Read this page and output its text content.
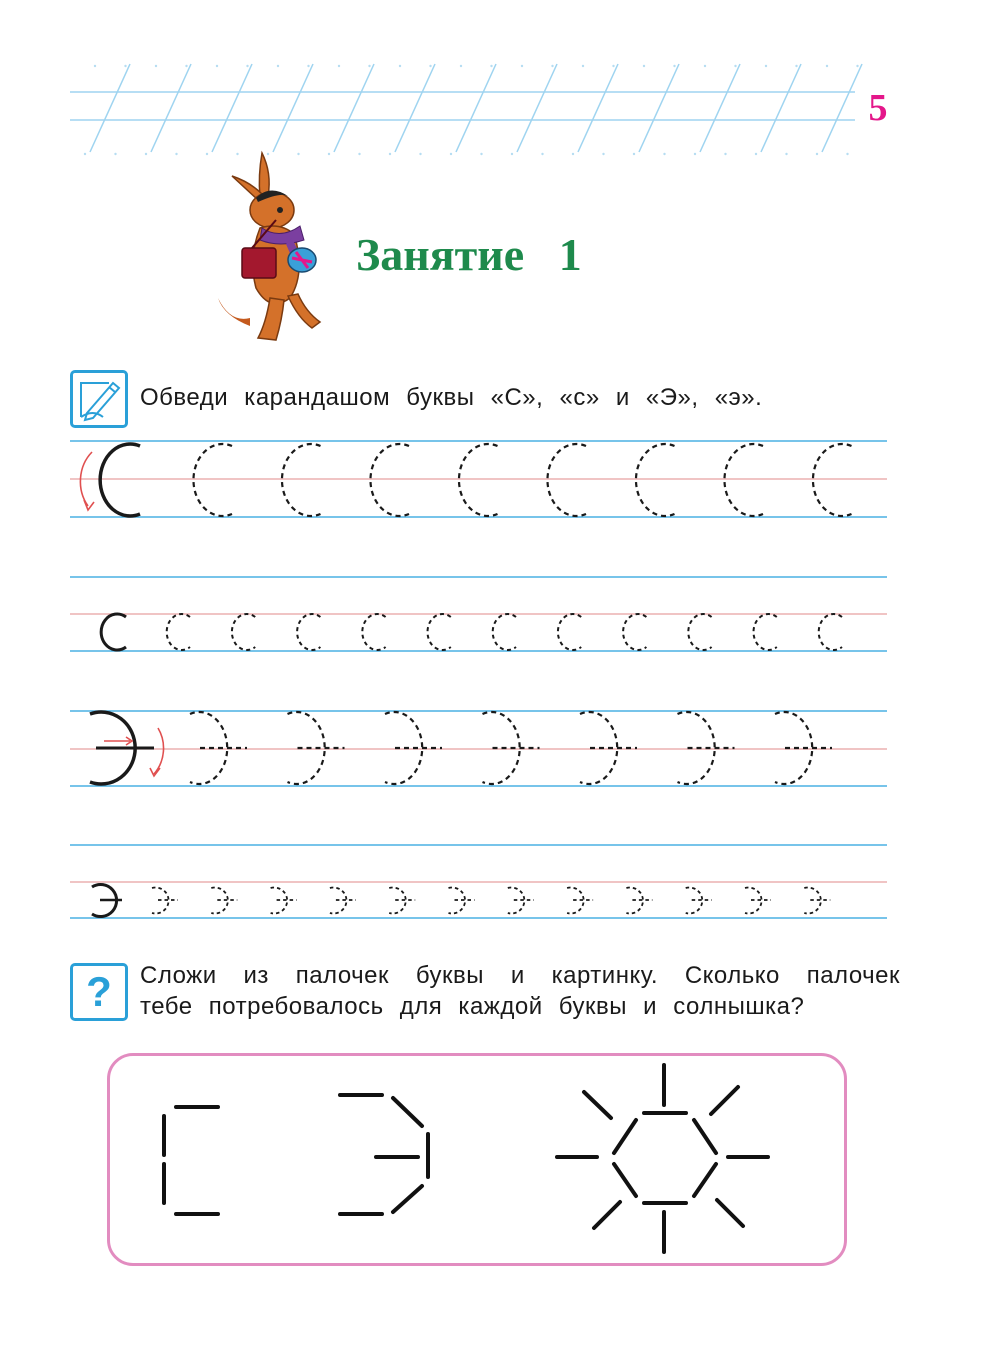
5
Занятие   1
Обведи карандашом буквы «С», «с» и «Э», «э».
? Сложи из палочек буквы и картинку. Сколько палочек
тебе потребовалось для каждой буквы и солнышка?
